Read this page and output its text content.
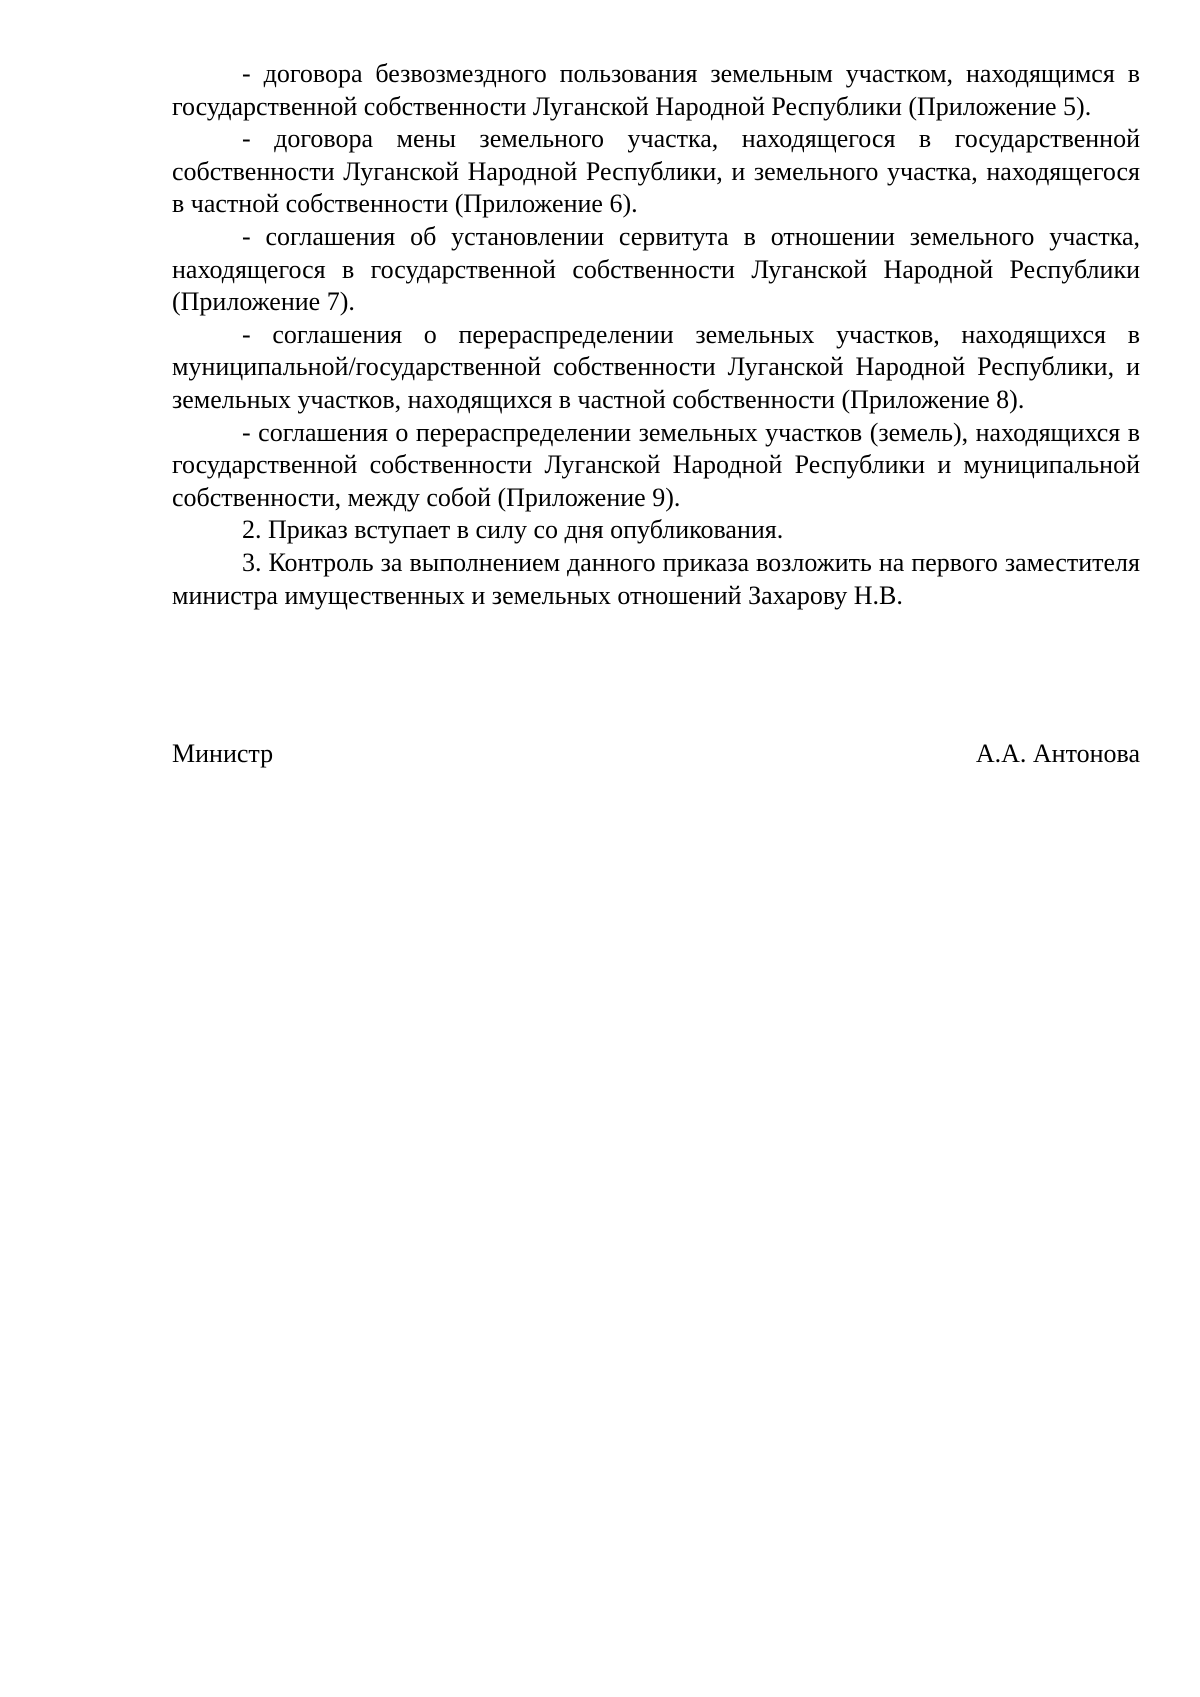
- договора безвозмездного пользования земельным участком, находящимся в государственной собственности Луганской Народной Республики (Приложение 5).

- договора мены земельного участка, находящегося в государственной собственности Луганской Народной Республики, и земельного участка, находящегося в частной собственности (Приложение 6).

- соглашения об установлении сервитута в отношении земельного участка, находящегося в государственной собственности Луганской Народной Республики (Приложение 7).

- соглашения о перераспределении земельных участков, находящихся в муниципальной/государственной собственности Луганской Народной Республики, и земельных участков, находящихся в частной собственности (Приложение 8).

- соглашения о перераспределении земельных участков (земель), находящихся в государственной собственности Луганской Народной Республики и муниципальной собственности, между собой (Приложение 9).

2. Приказ вступает в силу со дня опубликования.

3. Контроль за выполнением данного приказа возложить на первого заместителя министра имущественных и земельных отношений Захарову Н.В.

Министр	А.А. Антонова
